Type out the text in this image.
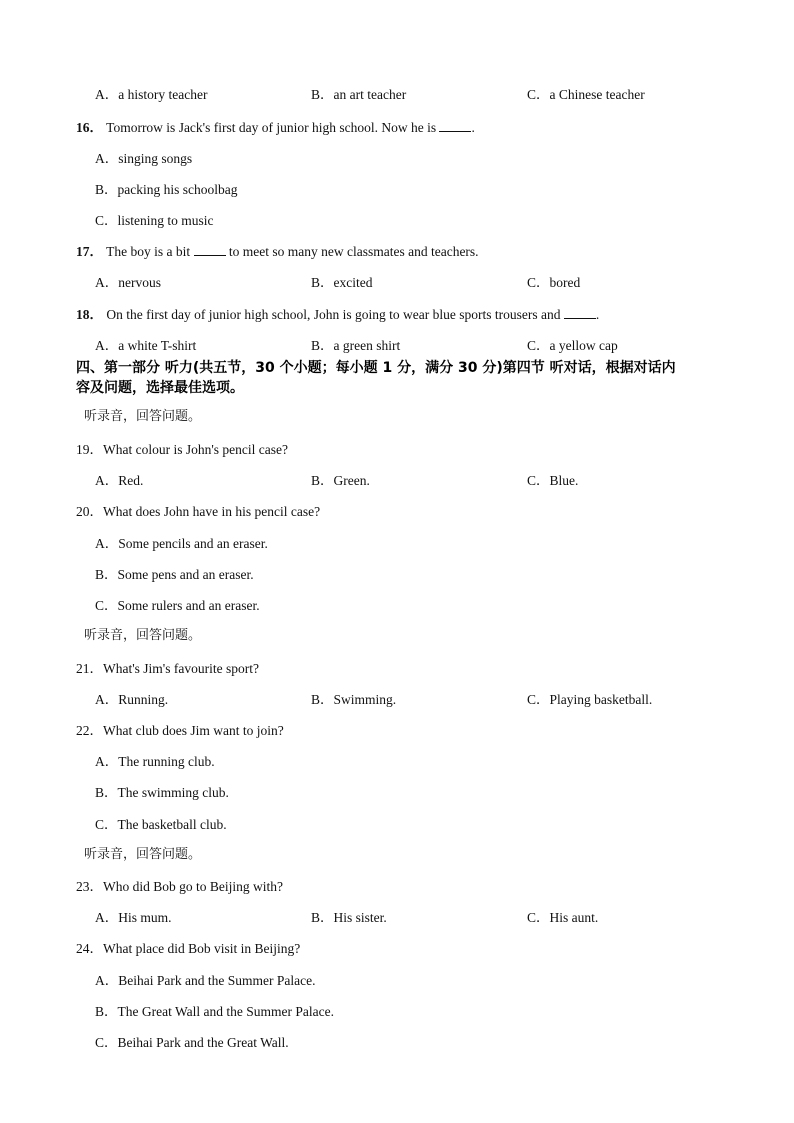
A．a history teacher	B．an art teacher	C．a Chinese teacher
16． Tomorrow is Jack's first day of junior high school. Now he is	.
A．singing songs
B．packing his schoolbag
C．listening to music
17． The boy is a bit	to meet so many new classmates and teachers.
A．nervous	B．excited	C．bored
18． On the first day of junior high school, John is going to wear blue sports trousers and	.
A．a white T-shirt	B．a green shirt	C．a yellow cap
四、第一部分 听力(共五节，30 个小题；每小题 1 分，满分 30 分)第四节 听对话，根据对话内
容及问题，选择最佳选项。
听录音，回答问题。
19．What colour is John's pencil case?
A．Red.	B．Green.	C．Blue.
20．What does John have in his pencil case?
A．Some pencils and an eraser.
B．Some pens and an eraser.
C．Some rulers and an eraser.
听录音，回答问题。
21．What's Jim's favourite sport?
A．Running.	B．Swimming.	C．Playing basketball.
22．What club does Jim want to join?
A．The running club.
B．The swimming club.
C．The basketball club.
听录音，回答问题。
23．Who did Bob go to Beijing with?
A．His mum.	B．His sister.	C．His aunt.
24．What place did Bob visit in Beijing?
A．Beihai Park and the Summer Palace.
B．The Great Wall and the Summer Palace.
C．Beihai Park and the Great Wall.
